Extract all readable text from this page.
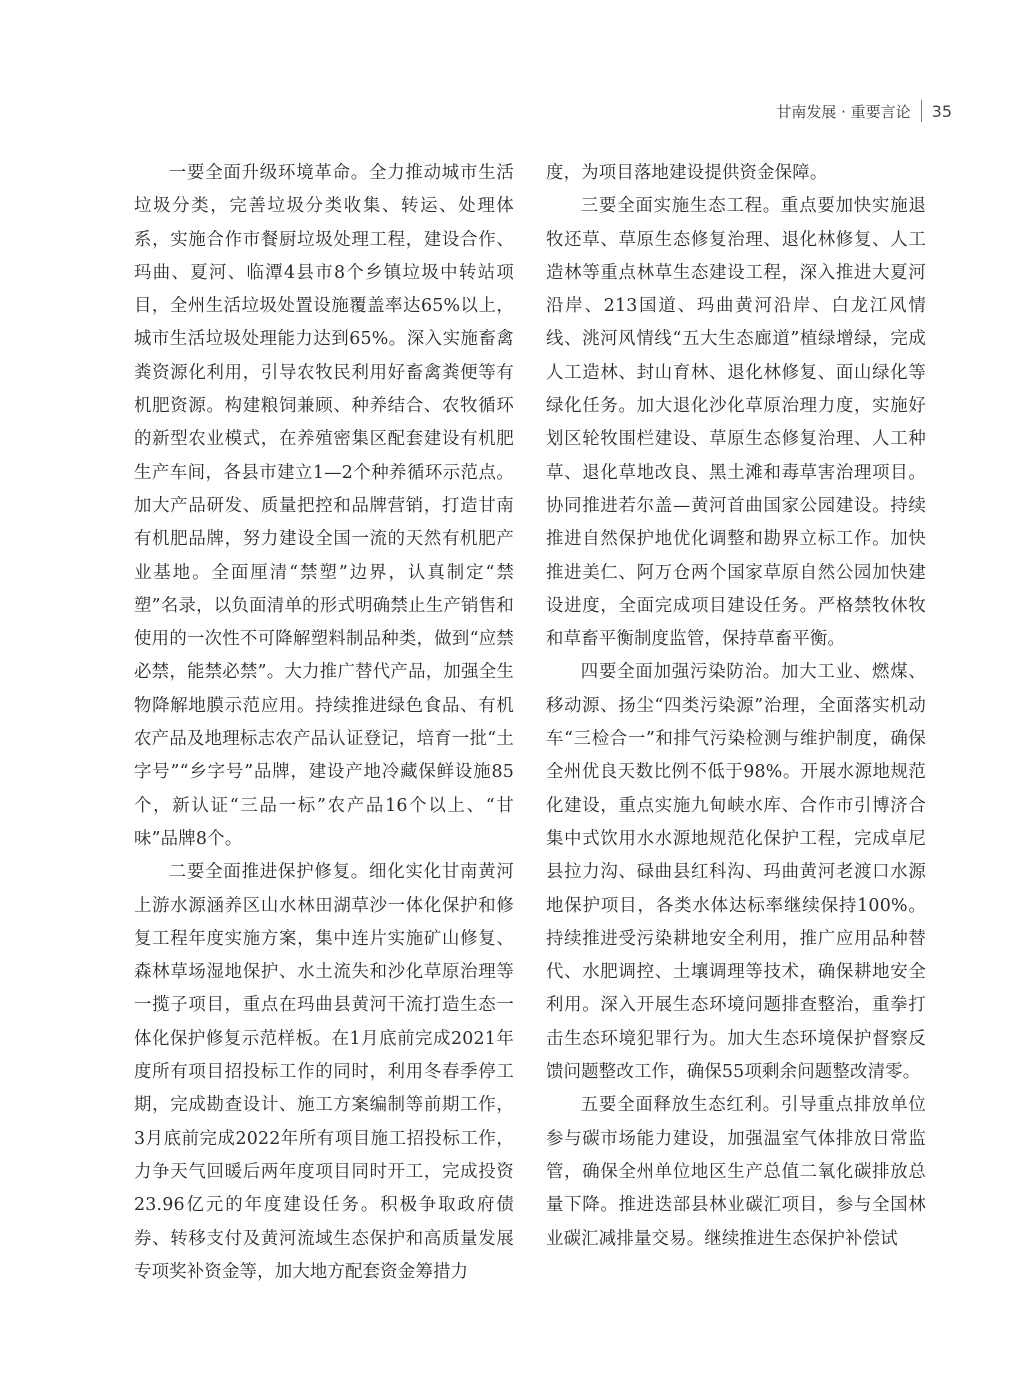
甘南发展 · 重要言论 35

一要全面升级环境革命。全力推动城市生活垃圾分类，完善垃圾分类收集、转运、处理体系，实施合作市餐厨垃圾处理工程，建设合作、玛曲、夏河、临潭4县市8个乡镇垃圾中转站项目，全州生活垃圾处置设施覆盖率达65%以上，城市生活垃圾处理能力达到65%。深入实施畜禽粪资源化利用，引导农牧民利用好畜禽粪便等有机肥资源。构建粮饲兼顾、种养结合、农牧循环的新型农业模式，在养殖密集区配套建设有机肥生产车间，各县市建立1—2个种养循环示范点。加大产品研发、质量把控和品牌营销，打造甘南有机肥品牌，努力建设全国一流的天然有机肥产业基地。全面厘清“禁塑”边界，认真制定“禁塑”名录，以负面清单的形式明确禁止生产销售和使用的一次性不可降解塑料制品种类，做到“应禁必禁，能禁必禁”。大力推广替代产品，加强全生物降解地膜示范应用。持续推进绿色食品、有机农产品及地理标志农产品认证登记，培育一批“土字号”“乡字号”品牌，建设产地冷藏保鲜设施85个，新认证“三品一标”农产品16个以上、“甘味”品牌8个。

二要全面推进保护修复。细化实化甘南黄河上游水源涵养区山水林田湖草沙一体化保护和修复工程年度实施方案，集中连片实施矿山修复、森林草场湿地保护、水土流失和沙化草原治理等一揽子项目，重点在玛曲县黄河干流打造生态一体化保护修复示范样板。在1月底前完成2021年度所有项目招投标工作的同时，利用冬春季停工期，完成勘查设计、施工方案编制等前期工作，3月底前完成2022年所有项目施工招投标工作，力争天气回暖后两年度项目同时开工，完成投资23.96亿元的年度建设任务。积极争取政府债券、转移支付及黄河流域生态保护和高质量发展专项奖补资金等，加大地方配套资金筹措力

度，为项目落地建设提供资金保障。

三要全面实施生态工程。重点要加快实施退牧还草、草原生态修复治理、退化林修复、人工造林等重点林草生态建设工程，深入推进大夏河沿岸、213国道、玛曲黄河沿岸、白龙江风情线、洮河风情线“五大生态廊道”植绿增绿，完成人工造林、封山育林、退化林修复、面山绿化等绿化任务。加大退化沙化草原治理力度，实施好划区轮牧围栏建设、草原生态修复治理、人工种草、退化草地改良、黑土滩和毒草害治理项目。协同推进若尔盖—黄河首曲国家公园建设。持续推进自然保护地优化调整和勘界立标工作。加快推进美仁、阿万仓两个国家草原自然公园加快建设进度，全面完成项目建设任务。严格禁牧休牧和草畜平衡制度监管，保持草畜平衡。

四要全面加强污染防治。加大工业、燃煤、移动源、扬尘“四类污染源”治理，全面落实机动车“三检合一”和排气污染检测与维护制度，确保全州优良天数比例不低于98%。开展水源地规范化建设，重点实施九甸峡水库、合作市引博济合集中式饮用水水源地规范化保护工程，完成卓尼县拉力沟、碌曲县红科沟、玛曲黄河老渡口水源地保护项目，各类水体达标率继续保持100%。持续推进受污染耕地安全利用，推广应用品种替代、水肥调控、土壤调理等技术，确保耕地安全利用。深入开展生态环境问题排查整治，重拳打击生态环境犯罪行为。加大生态环境保护督察反馈问题整改工作，确保55项剩余问题整改清零。

五要全面释放生态红利。引导重点排放单位参与碳市场能力建设，加强温室气体排放日常监管，确保全州单位地区生产总值二氧化碳排放总量下降。推进迭部县林业碳汇项目，参与全国林业碳汇减排量交易。继续推进生态保护补偿试
